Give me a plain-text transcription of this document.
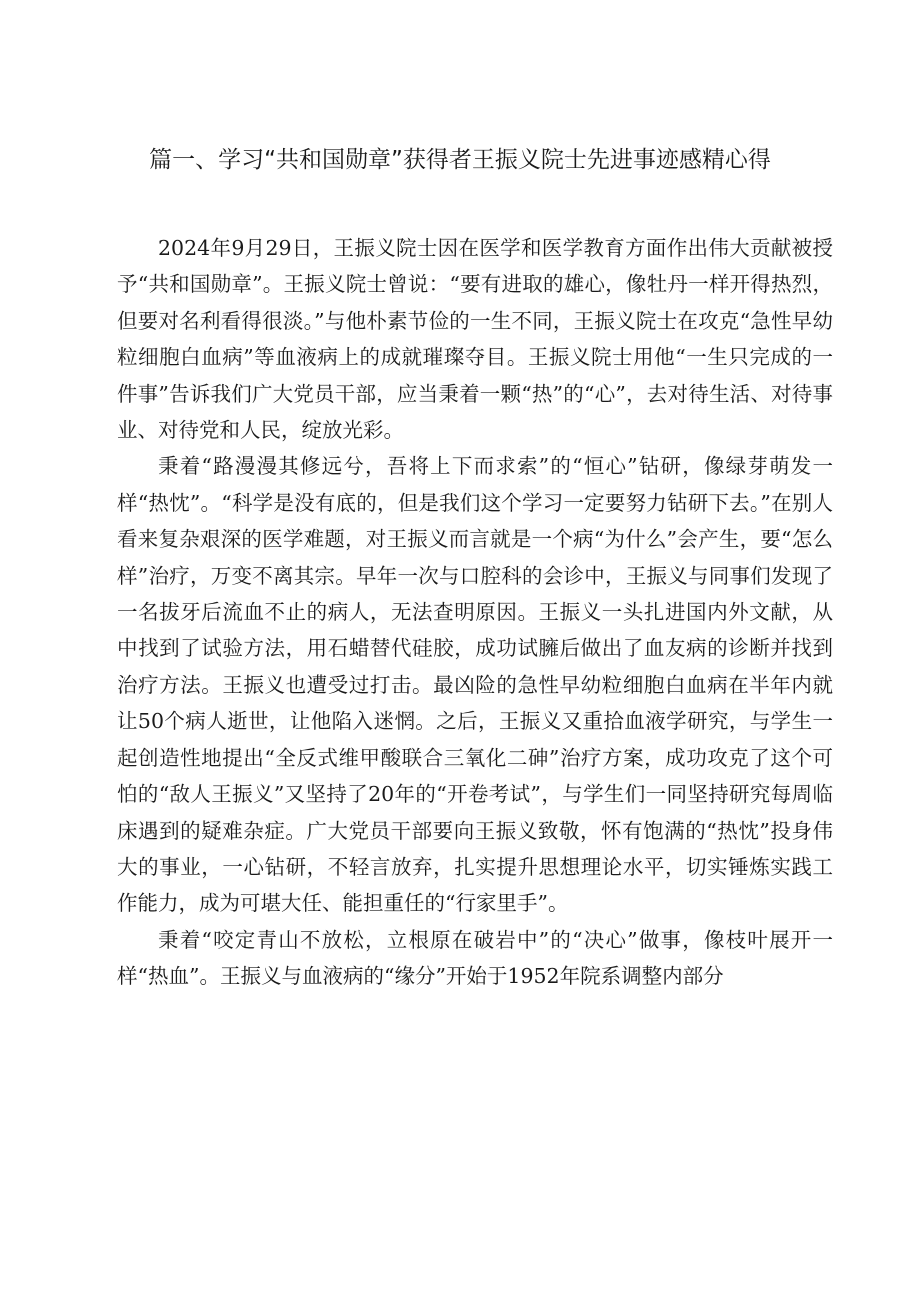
篇一、学习“共和国勋章”获得者王振义院士先进事迹感精心得

2024年9月29日，王振义院士因在医学和医学教育方面作出伟大贡献被授予“共和国勋章”。王振义院士曾说：“要有进取的雄心，像牡丹一样开得热烈，但要对名利看得很淡。”与他朴素节俭的一生不同，王振义院士在攻克“急性早幼粒细胞白血病”等血液病上的成就璀璨夺目。王振义院士用他“一生只完成的一件事”告诉我们广大党员干部，应当秉着一颗“热”的“心”，去对待生活、对待事业、对待党和人民，绽放光彩。

秉着“路漫漫其修远兮，吾将上下而求索”的“恒心”钻研，像绿芽萌发一样“热忱”。“科学是没有底的，但是我们这个学习一定要努力钻研下去。”在别人看来复杂艰深的医学难题，对王振义而言就是一个病“为什么”会产生，要“怎么样”治疗，万变不离其宗。早年一次与口腔科的会诊中，王振义与同事们发现了一名拔牙后流血不止的病人，无法查明原因。王振义一头扎进国内外文献，从中找到了试验方法，用石蜡替代硅胶，成功试臃后做出了血友病的诊断并找到治疗方法。王振义也遭受过打击。最凶险的急性早幼粒细胞白血病在半年内就让50个病人逝世，让他陷入迷惘。之后，王振义又重拾血液学研究，与学生一起创造性地提出“全反式维甲酸联合三氧化二砷”治疗方案，成功攻克了这个可怕的“敌人王振义”又坚持了20年的“开卷考试”，与学生们一同坚持研究每周临床遇到的疑难杂症。广大党员干部要向王振义致敬，怀有饱满的“热忱”投身伟大的事业，一心钻研，不轻言放弃，扎实提升思想理论水平，切实锤炼实践工作能力，成为可堪大任、能担重任的“行家里手”。

秉着“咬定青山不放松，立根原在破岩中”的“决心”做事，像枝叶展开一样“热血”。王振义与血液病的“缘分”开始于1952年院系调整内部分
